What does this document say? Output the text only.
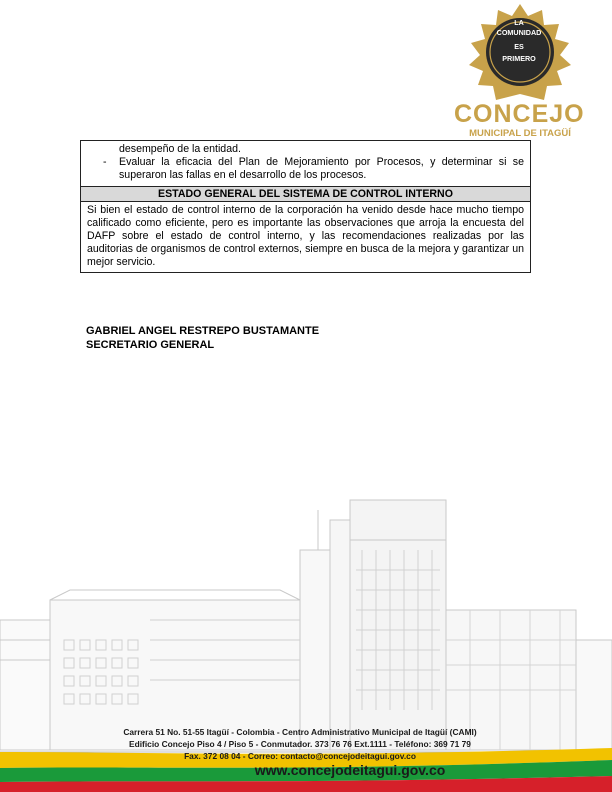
LA
COMUNIDAD
ES
PRIMERO
CONCEJO
MUNICIPAL DE ITAGÜÍ
desempeño de la entidad.
-	Evaluar la eficacia del Plan de Mejoramiento por Procesos, y determinar si se superaron las fallas en el desarrollo de los procesos.
ESTADO GENERAL DEL SISTEMA DE CONTROL INTERNO
Si bien el estado de control interno de la corporación ha venido desde hace mucho tiempo calificado como eficiente, pero es importante las observaciones que arroja la encuesta del DAFP sobre el estado de control interno, y las recomendaciones realizadas por las auditorias de organismos de control externos, siempre en busca de la mejora y garantizar un mejor servicio.
GABRIEL ANGEL RESTREPO BUSTAMANTE
SECRETARIO GENERAL
Carrera 51 No. 51-55 Itagüí - Colombia - Centro Administrativo Municipal de Itagüí (CAMI)
Edificio Concejo Piso 4 / Piso 5 - Conmutador. 373 76 76 Ext.1111 - Teléfono: 369 71 79
Fax. 372 08 04 - Correo: contacto@concejodeitagui.gov.co
www.concejodeitagui.gov.co
